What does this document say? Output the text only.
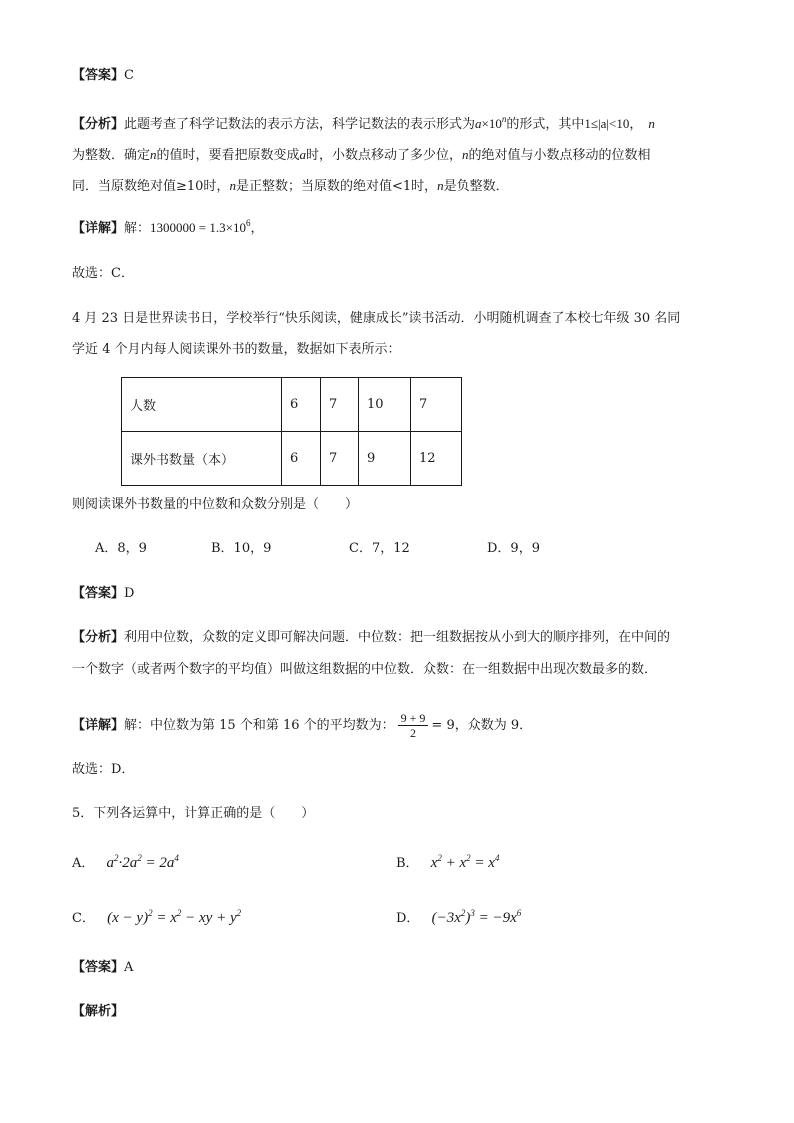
【答案】C
【分析】此题考查了科学记数法的表示方法，科学记数法的表示形式为$a\times 10^n$的形式，其中1≤|a|<10， n
为整数．确定n的值时，要看把原数变成a时，小数点移动了多少位，n的绝对值与小数点移动的位数相
同．当原数绝对值≥10时，n是正整数；当原数的绝对值<1时，n是负整数．
【详解】解：$1300000 = 1.3\times 10^6$，
故选：C．
4 月 23 日是世界读书日，学校举行“快乐阅读，健康成长”读书活动．小明随机调查了本校七年级 30 名同
学近 4 个月内每人阅读课外书的数量，数据如下表所示：
人数	6	7	10	7
课外书数量（本）	6	7	9	12
则阅读课外书数量的中位数和众数分别是（　　）
A．8，9	B．10，9	C．7，12	D．9，9
【答案】D
【分析】利用中位数，众数的定义即可解决问题．中位数：把一组数据按从小到大的顺序排列，在中间的
一个数字（或者两个数字的平均值）叫做这组数据的中位数．众数：在一组数据中出现次数最多的数．
【详解】解：中位数为第 15 个和第 16 个的平均数为： $\frac{9 + 9}{2} = 9$，众数为 9．
故选：D．
5．下列各运算中，计算正确的是（　　）
A． $a^2\cdot 2a^2 = 2a^4$	B． $x^2 + x^2 = x^4$
C． $(x - y)^2 = x^2$ − xy + $y^2$	D． $(-3x^2)^3 = -9x^6$
【答案】A
【解析】
